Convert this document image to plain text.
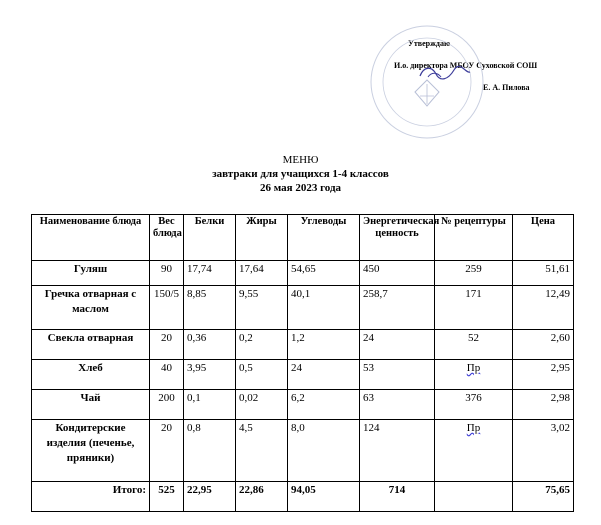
Утверждаю
И.о. директора МБОУ Суховской СОШ
Е. А. Пилова
МЕНЮ
завтраки для учащихся 1-4 классов
26 мая 2023 года
Наименование блюда	Вес блюда	Белки	Жиры	Углеводы	Энергетическая ценность	№ рецептуры	Цена
Гуляш	90	17,74	17,64	54,65	450	259	51,61
Гречка отварная с маслом	150/5	8,85	9,55	40,1	258,7	171	12,49
Свекла отварная	20	0,36	0,2	1,2	24	52	2,60
Хлеб	40	3,95	0,5	24	53	Пр	2,95
Чай	200	0,1	0,02	6,2	63	376	2,98
Кондитерские изделия (печенье, пряники)	20	0,8	4,5	8,0	124	Пр	3,02
Итого:	525	22,95	22,86	94,05	714		75,65
